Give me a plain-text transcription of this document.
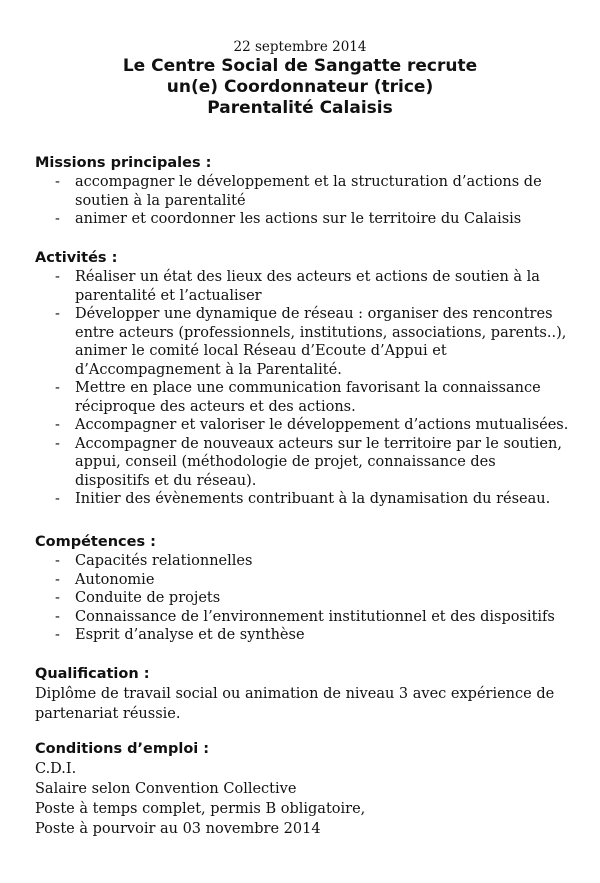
22 septembre 2014
Le Centre Social de Sangatte recrute
un(e) Coordonnateur (trice)
Parentalité Calaisis
Missions principales :
- accompagner le développement et la structuration d’actions de soutien à la parentalité
- animer et coordonner les actions sur le territoire du Calaisis
Activités :
- Réaliser un état des lieux des acteurs et actions de soutien à la parentalité et l’actualiser
- Développer une dynamique de réseau : organiser des rencontres entre acteurs (professionnels, institutions, associations, parents..), animer le comité local Réseau d’Ecoute d’Appui et d’Accompagnement à la Parentalité.
- Mettre en place une communication favorisant la connaissance réciproque des acteurs et des actions.
- Accompagner et valoriser le développement d’actions mutualisées.
- Accompagner de nouveaux acteurs sur le territoire par le soutien, appui, conseil (méthodologie de projet, connaissance des dispositifs et du réseau).
- Initier des évènements contribuant à la dynamisation du réseau.
Compétences :
- Capacités relationnelles
- Autonomie
- Conduite de projets
- Connaissance de l’environnement institutionnel et des dispositifs
- Esprit d’analyse et de synthèse
Qualification :

Diplôme de travail social ou animation de niveau 3 avec expérience de

partenariat réussie.

Conditions d’emploi :

C.D.I.

Salaire selon Convention Collective

Poste à temps complet, permis B obligatoire,

Poste à pourvoir au 03 novembre 2014
